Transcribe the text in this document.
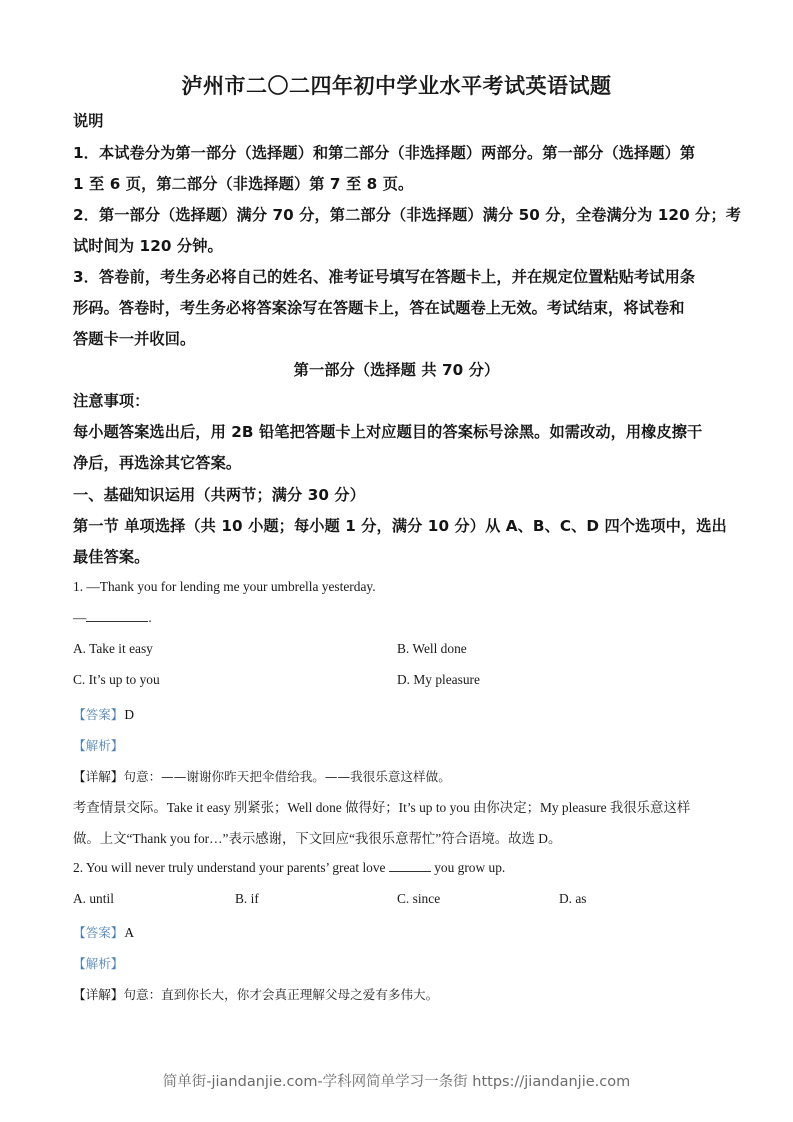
泸州市二〇二四年初中学业水平考试英语试题
说明
1．本试卷分为第一部分（选择题）和第二部分（非选择题）两部分。第一部分（选择题）第
1 至 6 页，第二部分（非选择题）第 7 至 8 页。
2．第一部分（选择题）满分 70 分，第二部分（非选择题）满分 50 分，全卷满分为 120 分；考
试时间为 120 分钟。
3．答卷前，考生务必将自己的姓名、准考证号填写在答题卡上，并在规定位置粘贴考试用条
形码。答卷时，考生务必将答案涂写在答题卡上，答在试题卷上无效。考试结束，将试卷和
答题卡一并收回。
第一部分（选择题 共 70 分）
注意事项：
每小题答案选出后，用 2B 铅笔把答题卡上对应题目的答案标号涂黑。如需改动，用橡皮擦干
净后，再选涂其它答案。
一、基础知识运用（共两节；满分 30 分）
第一节 单项选择（共 10 小题；每小题 1 分，满分 10 分）从 A、B、C、D 四个选项中，选出
最佳答案。
1. —Thank you for lending me your umbrella yesterday.
—	.
A. Take it easy	B. Well done
C. It’s up to you	D. My pleasure
【答案】D
【解析】
【详解】句意：——谢谢你昨天把伞借给我。——我很乐意这样做。
考查情景交际。Take it easy 别紧张；Well done 做得好；It’s up to you 由你决定；My pleasure 我很乐意这样
做。上文“Thank you for…”表示感谢，下文回应“我很乐意帮忙”符合语境。故选 D。
2. You will never truly understand your parents’ great love	you grow up.
A. until	B. if	C. since	D. as
【答案】A
【解析】
【详解】句意：直到你长大，你才会真正理解父母之爱有多伟大。
简单街-jiandanjie.com-学科网简单学习一条街 https://jiandanjie.com
